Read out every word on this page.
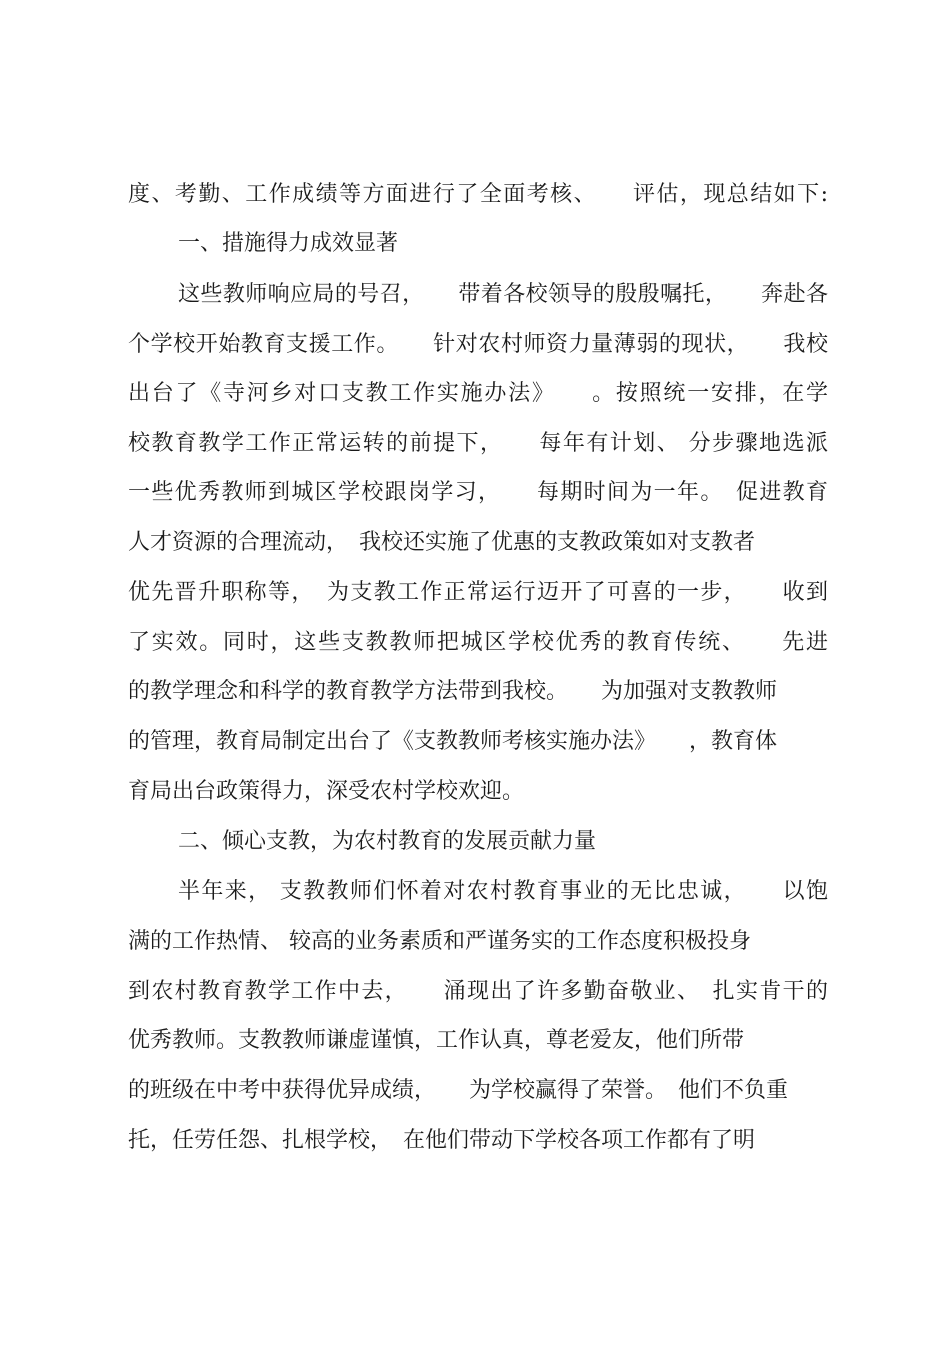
度、考勤、工作成绩等方面进行了全面考核、　　评估，现总结如下:
一、措施得力成效显著
这些教师响应局的号召，　　带着各校领导的殷殷嘱托，　　奔赴各
个学校开始教育支援工作。　　针对农村师资力量薄弱的现状，　　我校
出台了《寺河乡对口支教工作实施办法》　　。按照统一安排，在学
校教育教学工作正常运转的前提下，　　每年有计划、 分步骤地选派
一些优秀教师到城区学校跟岗学习，　　每期时间为一年。　促进教育
人才资源的合理流动，　我校还实施了优惠的支教政策如对支教者
优先晋升职称等，　为支教工作正常运行迈开了可喜的一步，　　收到
了实效。同时，这些支教教师把城区学校优秀的教育传统、　　先进
的教学理念和科学的教育教学方法带到我校。　　为加强对支教教师
的管理，教育局制定出台了《支教教师考核实施办法》　　，教育体
育局出台政策得力，深受农村学校欢迎。
二、倾心支教，为农村教育的发展贡献力量
半年来， 支教教师们怀着对农村教育事业的无比忠诚，　　以饱
满的工作热情、 较高的业务素质和严谨务实的工作态度积极投身
到农村教育教学工作中去，　　涌现出了许多勤奋敬业、　扎实肯干的
优秀教师。支教教师谦虚谨慎，工作认真，尊老爱友，他们所带
的班级在中考中获得优异成绩，　　为学校赢得了荣誉。　他们不负重
托，任劳任怨、扎根学校，　在他们带动下学校各项工作都有了明
